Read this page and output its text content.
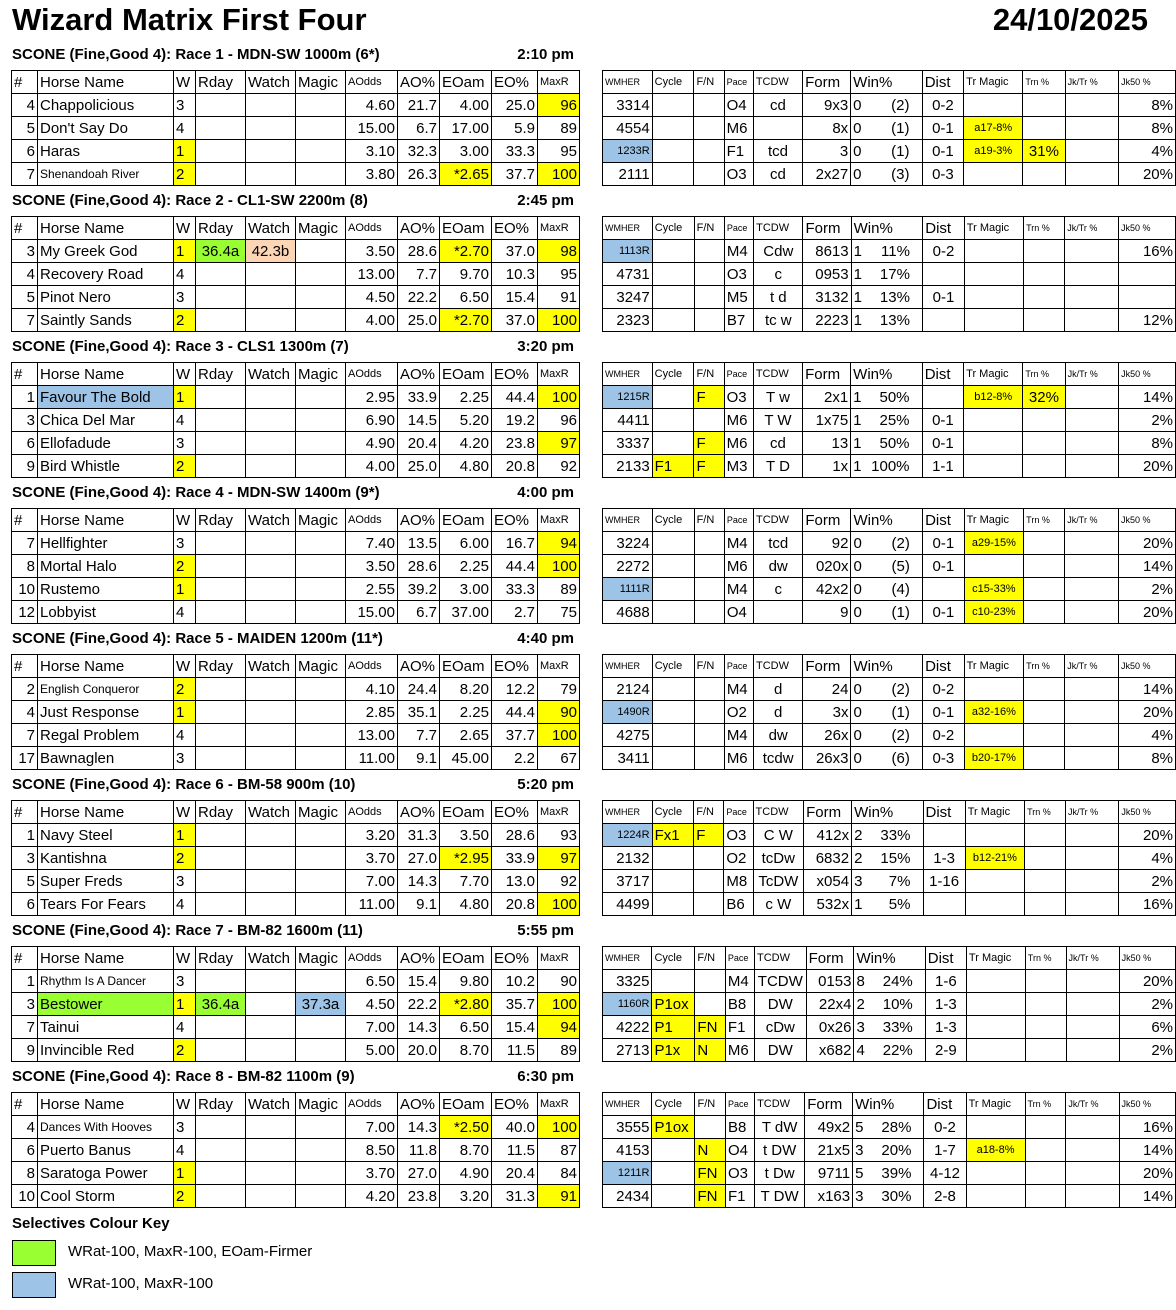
Wizard Matrix First Four	24/10/2025
SCONE (Fine,Good 4): Race 1 - MDN-SW 1000m (6*)	2:10 pm
#	Horse Name	W	Rday	Watch	Magic	AOdds	AO%	EOam	EO%	MaxR
4	Chappolicious	3				4.60	21.7	4.00	25.0	96
5	Don't Say Do	4				15.00	6.7	17.00	5.9	89
6	Haras	1				3.10	32.3	3.00	33.3	95
7	Shenandoah River	2				3.80	26.3	*2.65	37.7	100
WMHER	Cycle	F/N	Pace	TCDW	Form	Win%	Dist	Tr Magic	Trn %	Jk/Tr %	Jk50 %
3314			O4	cd	9x3	0 (2)	0-2				8%
4554			M6		8x	0 (1)	0-1	a17-8%			8%
1233R			F1	tcd	3	0 (1)	0-1	a19-3%	31%		4%
2111			O3	cd	2x27	0 (3)	0-3				20%
SCONE (Fine,Good 4): Race 2 - CL1-SW 2200m (8)	2:45 pm
#	Horse Name	W	Rday	Watch	Magic	AOdds	AO%	EOam	EO%	MaxR
3	My Greek God	1	36.4a	42.3b		3.50	28.6	*2.70	37.0	98
4	Recovery Road	4				13.00	7.7	9.70	10.3	95
5	Pinot Nero	3				4.50	22.2	6.50	15.4	91
7	Saintly Sands	2				4.00	25.0	*2.70	37.0	100
WMHER	Cycle	F/N	Pace	TCDW	Form	Win%	Dist	Tr Magic	Trn %	Jk/Tr %	Jk50 %
1113R			M4	Cdw	8613	1 11%	0-2				16%
4731			O3	c	0953	1 17%					
3247			M5	t d	3132	1 13%	0-1				
2323			B7	tc w	2223	1 13%					12%
SCONE (Fine,Good 4): Race 3 - CLS1 1300m (7)	3:20 pm
#	Horse Name	W	Rday	Watch	Magic	AOdds	AO%	EOam	EO%	MaxR
1	Favour The Bold	1				2.95	33.9	2.25	44.4	100
3	Chica Del Mar	4				6.90	14.5	5.20	19.2	96
6	Ellofadude	3				4.90	20.4	4.20	23.8	97
9	Bird Whistle	2				4.00	25.0	4.80	20.8	92
WMHER	Cycle	F/N	Pace	TCDW	Form	Win%	Dist	Tr Magic	Trn %	Jk/Tr %	Jk50 %
1215R		F	O3	T w	2x1	1 50%		b12-8%	32%		14%
4411			M6	T W	1x75	1 25%	0-1				2%
3337		F	M6	cd	13	1 50%	0-1				8%
2133	F1	F	M3	T D	1x	1 100%	1-1				20%
SCONE (Fine,Good 4): Race 4 - MDN-SW 1400m (9*)	4:00 pm
#	Horse Name	W	Rday	Watch	Magic	AOdds	AO%	EOam	EO%	MaxR
7	Hellfighter	3				7.40	13.5	6.00	16.7	94
8	Mortal Halo	2				3.50	28.6	2.25	44.4	100
10	Rustemo	1				2.55	39.2	3.00	33.3	89
12	Lobbyist	4				15.00	6.7	37.00	2.7	75
WMHER	Cycle	F/N	Pace	TCDW	Form	Win%	Dist	Tr Magic	Trn %	Jk/Tr %	Jk50 %
3224			M4	tcd	92	0 (2)	0-1	a29-15%			20%
2272			M6	dw	020x	0 (5)	0-1				14%
1111R			M4	c	42x2	0 (4)		c15-33%			2%
4688			O4		9	0 (1)	0-1	c10-23%			20%
SCONE (Fine,Good 4): Race 5 - MAIDEN 1200m (11*)	4:40 pm
#	Horse Name	W	Rday	Watch	Magic	AOdds	AO%	EOam	EO%	MaxR
2	English Conqueror	2				4.10	24.4	8.20	12.2	79
4	Just Response	1				2.85	35.1	2.25	44.4	90
7	Regal Problem	4				13.00	7.7	2.65	37.7	100
17	Bawnaglen	3				11.00	9.1	45.00	2.2	67
WMHER	Cycle	F/N	Pace	TCDW	Form	Win%	Dist	Tr Magic	Trn %	Jk/Tr %	Jk50 %
2124			M4	d	24	0 (2)	0-2				14%
1490R			O2	d	3x	0 (1)	0-1	a32-16%			20%
4275			M4	dw	26x	0 (2)	0-2				4%
3411			M6	tcdw	26x3	0 (6)	0-3	b20-17%			8%
SCONE (Fine,Good 4): Race 6 - BM-58 900m (10)	5:20 pm
#	Horse Name	W	Rday	Watch	Magic	AOdds	AO%	EOam	EO%	MaxR
1	Navy Steel	1				3.20	31.3	3.50	28.6	93
3	Kantishna	2				3.70	27.0	*2.95	33.9	97
5	Super Freds	3				7.00	14.3	7.70	13.0	92
6	Tears For Fears	4				11.00	9.1	4.80	20.8	100
WMHER	Cycle	F/N	Pace	TCDW	Form	Win%	Dist	Tr Magic	Trn %	Jk/Tr %	Jk50 %
1224R	Fx1	F	O3	C W	412x	2 33%					20%
2132			O2	tcDw	6832	2 15%	1-3	b12-21%			4%
3717			M8	TcDW	x054	3 7%	1-16				2%
4499			B6	c W	532x	1 5%					16%
SCONE (Fine,Good 4): Race 7 - BM-82 1600m (11)	5:55 pm
#	Horse Name	W	Rday	Watch	Magic	AOdds	AO%	EOam	EO%	MaxR
1	Rhythm Is A Dancer	3				6.50	15.4	9.80	10.2	90
3	Bestower	1	36.4a		37.3a	4.50	22.2	*2.80	35.7	100
7	Tainui	4				7.00	14.3	6.50	15.4	94
9	Invincible Red	2				5.00	20.0	8.70	11.5	89
WMHER	Cycle	F/N	Pace	TCDW	Form	Win%	Dist	Tr Magic	Trn %	Jk/Tr %	Jk50 %
3325			M4	TCDW	0153	8 24%	1-6				20%
1160R	P1ox		B8	DW	22x4	2 10%	1-3				2%
4222	P1	FN	F1	cDw	0x26	3 33%	1-3				6%
2713	P1x	N	M6	DW	x682	4 22%	2-9				2%
SCONE (Fine,Good 4): Race 8 - BM-82 1100m (9)	6:30 pm
#	Horse Name	W	Rday	Watch	Magic	AOdds	AO%	EOam	EO%	MaxR
4	Dances With Hooves	3				7.00	14.3	*2.50	40.0	100
6	Puerto Banus	4				8.50	11.8	8.70	11.5	87
8	Saratoga Power	1				3.70	27.0	4.90	20.4	84
10	Cool Storm	2				4.20	23.8	3.20	31.3	91
WMHER	Cycle	F/N	Pace	TCDW	Form	Win%	Dist	Tr Magic	Trn %	Jk/Tr %	Jk50 %
3555	P1ox		B8	T dW	49x2	5 28%	0-2				16%
4153		N	O4	t DW	21x5	3 20%	1-7	a18-8%			14%
1211R		FN	O3	t Dw	9711	5 39%	4-12				20%
2434		FN	F1	T DW	x163	3 30%	2-8				14%
Selectives Colour Key
WRat-100, MaxR-100, EOam-Firmer
WRat-100, MaxR-100
